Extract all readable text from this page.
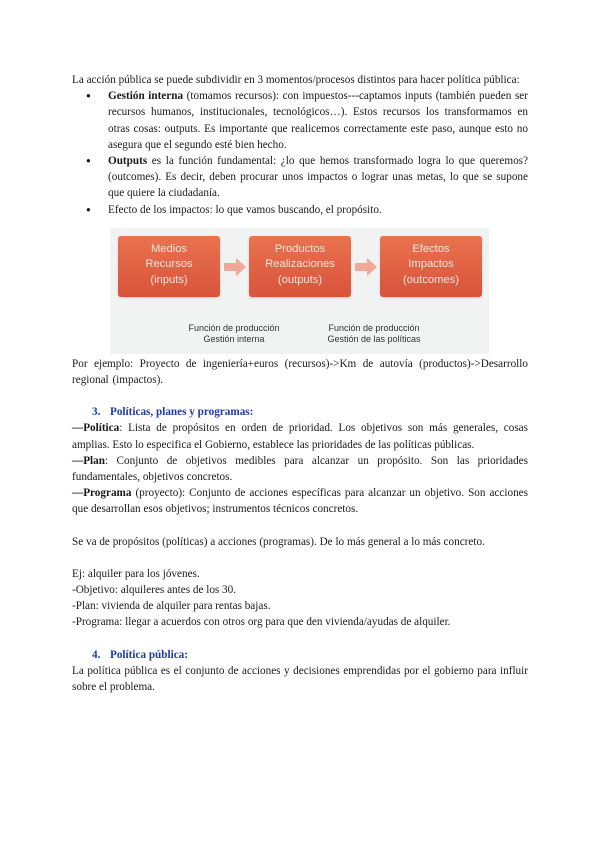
La acción pública se puede subdividir en 3 momentos/procesos distintos para hacer política pública:

● Gestión interna (tomamos recursos): con impuestos---captamos inputs (también pueden ser recursos humanos, institucionales, tecnológicos…). Estos recursos los transformamos en otras cosas: outputs. Es importante que realicemos correctamente este paso, aunque esto no asegura que el segundo esté bien hecho.
● Outputs es la función fundamental: ¿lo que hemos transformado logra lo que queremos? (outcomes). Es decir, deben procurar unos impactos o lograr unas metas, lo que se supone que quiere la ciudadanía.
● Efecto de los impactos: lo que vamos buscando, el propósito.
Medios
Recursos
(inputs)
Productos
Realizaciones
(outputs)
Efectos
Impactos
(outcomes)
Función de producción
Gestión interna
Función de producción
Gestión de las políticas

Por ejemplo: Proyecto de ingeniería+euros (recursos)->Km de autovía (productos)->Desarrollo regional (impactos).

3. Políticas, planes y programas:

—Política: Lista de propósitos en orden de prioridad. Los objetivos son más generales, cosas amplias. Esto lo especifica el Gobierno, establece las prioridades de las políticas públicas.

—Plan: Conjunto de objetivos medibles para alcanzar un propósito. Son las prioridades fundamentales, objetivos concretos.

—Programa (proyecto): Conjunto de acciones específicas para alcanzar un objetivo. Son acciones que desarrollan esos objetivos; instrumentos técnicos concretos.

Se va de propósitos (políticas) a acciones (programas). De lo más general a lo más concreto.

Ej: alquiler para los jóvenes.

-Objetivo: alquileres antes de los 30.

-Plan: vivienda de alquiler para rentas bajas.

-Programa: llegar a acuerdos con otros org para que den vivienda/ayudas de alquiler.

4. Política pública:

La política pública es el conjunto de acciones y decisiones emprendidas por el gobierno para influir sobre el problema.
